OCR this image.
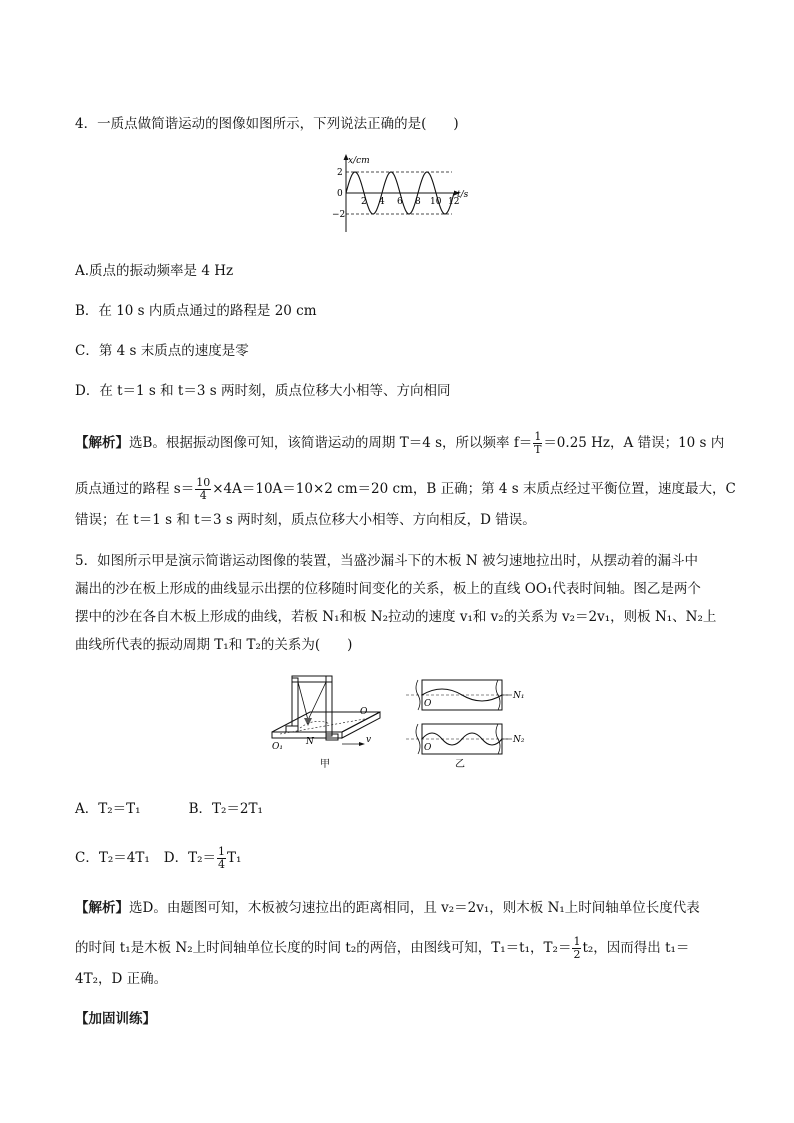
4．一质点做简谐运动的图像如图所示，下列说法正确的是(　　)
x/cm
t/s
2
0
−2
2 4 6 8 10 12
A.质点的振动频率是 4 Hz
B．在 10 s 内质点通过的路程是 20 cm
C．第 4 s 末质点的速度是零
D．在 t＝1 s 和 t＝3 s 两时刻，质点位移大小相等、方向相同
【解析】选B。根据振动图像可知，该简谐运动的周期 T＝4 s，所以频率 $f= \frac{1}{T} =0.25$ Hz，A 错误；10 s 内
质点通过的路程 $s= \frac{10}{4} \times 4A=10A=10\times 2$ cm＝20 cm，B 正确；第 4 s 末质点经过平衡位置，速度最大，C
错误；在 t＝1 s 和 t＝3 s 两时刻，质点位移大小相等、方向相反，D 错误。
5．如图所示甲是演示简谐运动图像的装置，当盛沙漏斗下的木板 N 被匀速地拉出时，从摆动着的漏斗中
漏出的沙在板上形成的曲线显示出摆的位移随时间变化的关系，板上的直线 OO₁代表时间轴。图乙是两个
摆中的沙在各自木板上形成的曲线，若板 N₁和板 N₂拉动的速度 v₁和 v₂的关系为 v₂＝2v₁，则板 N₁、N₂上
曲线所代表的振动周期 T₁和 T₂的关系为(　　)
O
O₁	N	v
甲
O
O
N₁
N₂
乙
A．T₂＝T₁	B．T₂＝2T₁
C．T₂＝4T₁ D．$T_2= \frac{1}{4} T_1$
【解析】选D。由题图可知，木板被匀速拉出的距离相同，且 v₂＝2v₁，则木板 N₁上时间轴单位长度代表
的时间 t₁是木板 N₂上时间轴单位长度的时间 t₂的两倍，由图线可知，T₁＝t₁，$T_2= \frac{1}{2} t_2$，因而得出 t₁＝
4T₂，D 正确。
【加固训练】
